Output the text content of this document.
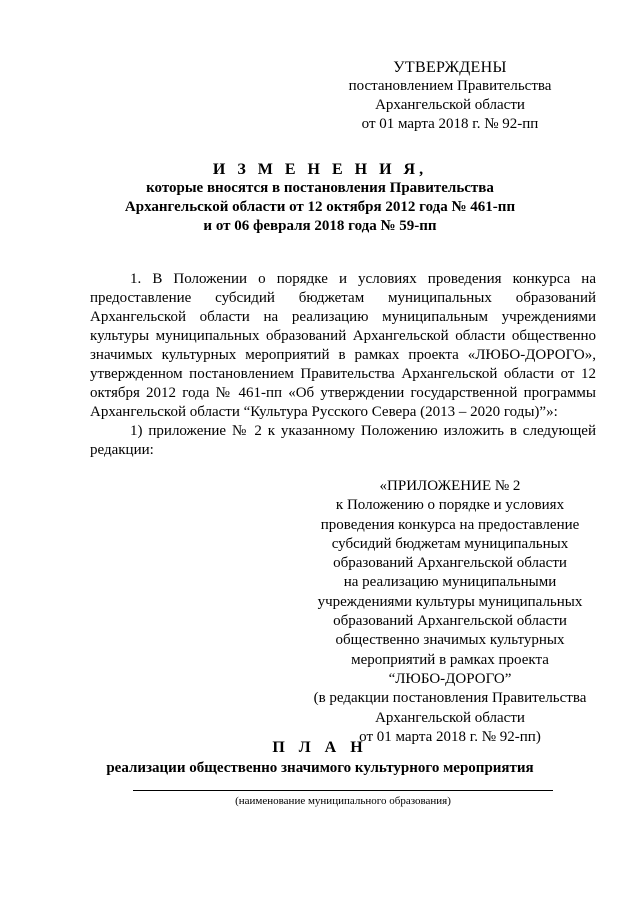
УТВЕРЖДЕНЫ
постановлением Правительства
Архангельской области
от 01 марта 2018 г. № 92-пп
И З М Е Н Е Н И Я,
которые вносятся в постановления Правительства
Архангельской области от 12 октября 2012 года № 461-пп
и от 06 февраля 2018 года № 59-пп

1. В Положении о порядке и условиях проведения конкурса на предоставление субсидий бюджетам муниципальных образований Архангельской области на реализацию муниципальным учреждениями культуры муниципальных образований Архангельской области общественно значимых культурных мероприятий в рамках проекта «ЛЮБО-ДОРОГО», утвержденном постановлением Правительства Архангельской области от 12 октября 2012 года № 461-пп «Об утверждении государственной программы Архангельской области “Культура Русского Севера (2013 – 2020 годы)”»:

1) приложение № 2 к указанному Положению изложить в следующей редакции:

«ПРИЛОЖЕНИЕ № 2
к Положению о порядке и условиях
проведения конкурса на предоставление
субсидий бюджетам муниципальных
образований Архангельской области
на реализацию муниципальными
учреждениями культуры муниципальных
образований Архангельской области
общественно значимых культурных
мероприятий в рамках проекта
“ЛЮБО-ДОРОГО”
(в редакции постановления Правительства
Архангельской области
от 01 марта 2018 г. № 92-пп)
П Л А Н
реализации общественно значимого культурного мероприятия
(наименование муниципального образования)
